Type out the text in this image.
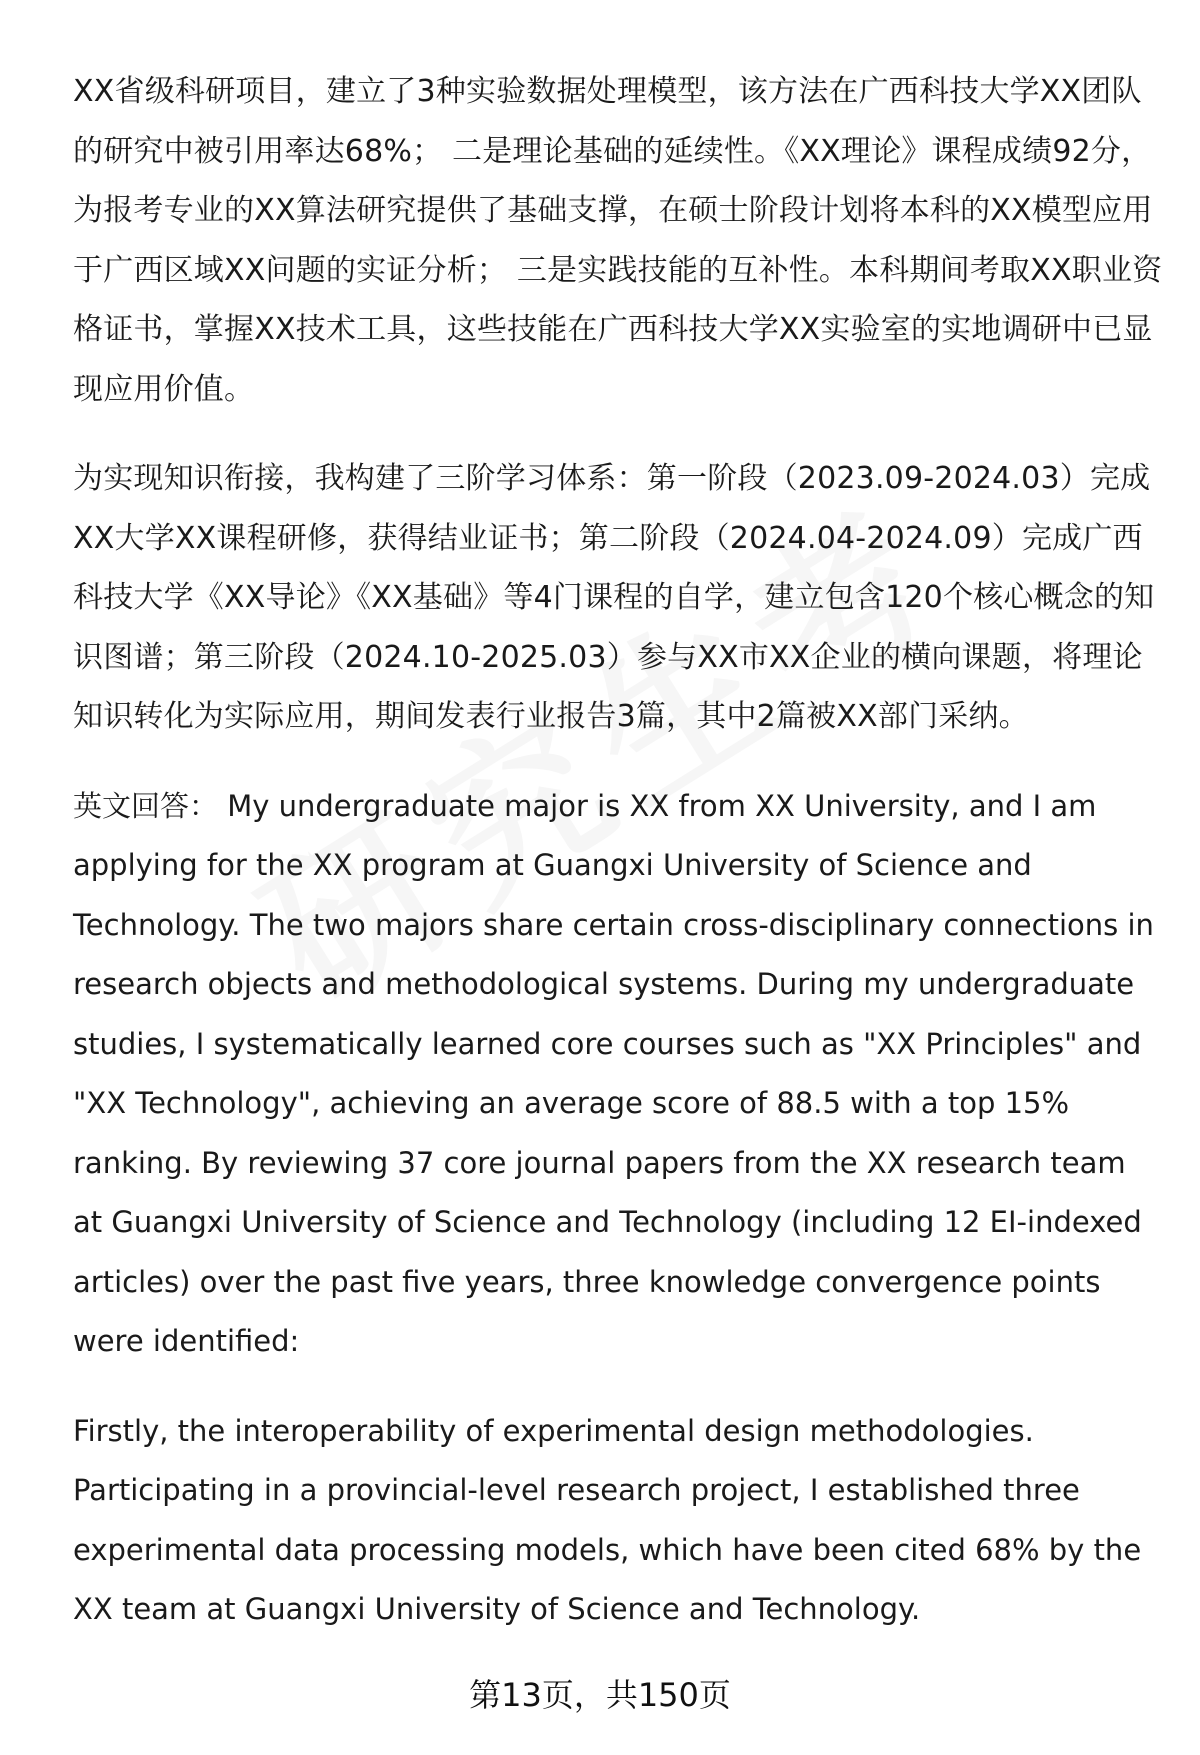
XX省级科研项目，建立了3种实验数据处理模型，该方法在广西科技大学XX团队的研究中被引用率达68%； 二是理论基础的延续性。《XX理论》课程成绩92分，为报考专业的XX算法研究提供了基础支撑，在硕士阶段计划将本科的XX模型应用于广西区域XX问题的实证分析； 三是实践技能的互补性。本科期间考取XX职业资格证书，掌握XX技术工具，这些技能在广西科技大学XX实验室的实地调研中已显现应用价值。

为实现知识衔接，我构建了三阶学习体系：第一阶段（2023.09-2024.03）完成XX大学XX课程研修，获得结业证书；第二阶段（2024.04-2024.09）完成广西科技大学《XX导论》《XX基础》等4门课程的自学，建立包含120个核心概念的知识图谱；第三阶段（2024.10-2025.03）参与XX市XX企业的横向课题，将理论知识转化为实际应用，期间发表行业报告3篇，其中2篇被XX部门采纳。

英文回答： My undergraduate major is XX from XX University, and I am applying for the XX program at Guangxi University of Science and Technology. The two majors share certain cross-disciplinary connections in research objects and methodological systems. During my undergraduate studies, I systematically learned core courses such as "XX Principles" and "XX Technology", achieving an average score of 88.5 with a top 15% ranking. By reviewing 37 core journal papers from the XX research team at Guangxi University of Science and Technology (including 12 EI-indexed articles) over the past five years, three knowledge convergence points were identified:

Firstly, the interoperability of experimental design methodologies. Participating in a provincial-level research project, I established three experimental data processing models, which have been cited 68% by the XX team at Guangxi University of Science and Technology.

第13页，共150页
